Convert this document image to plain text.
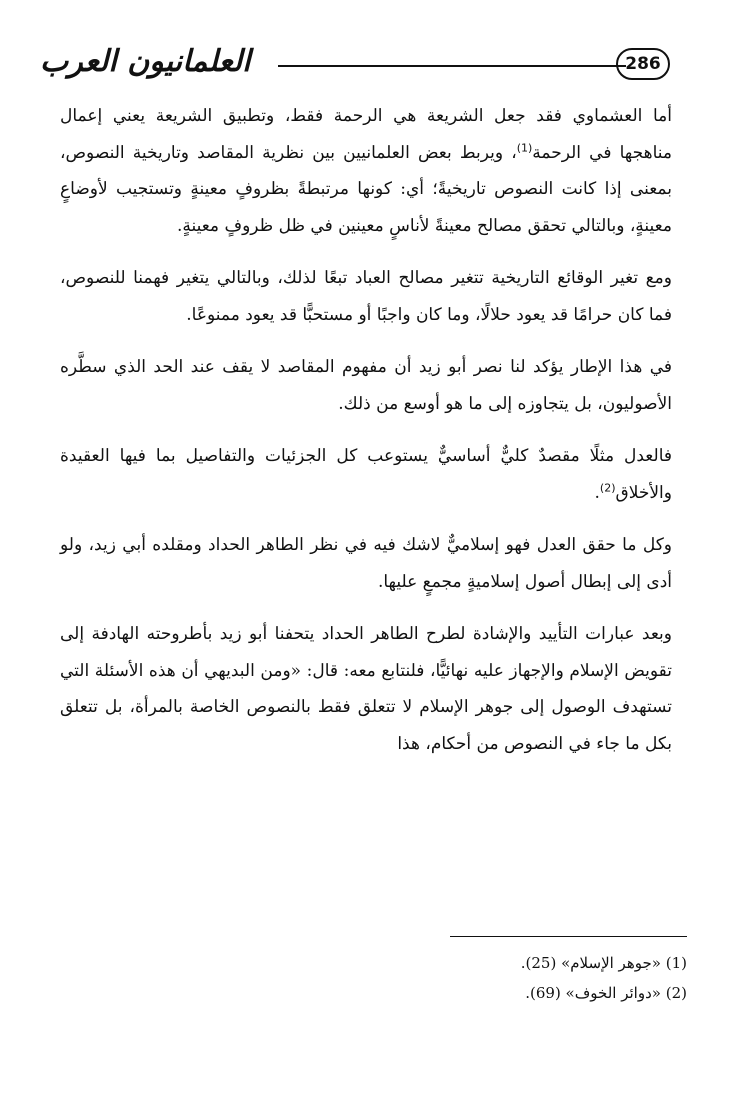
العلمانيون العرب	286

أما العشماوي فقد جعل الشريعة هي الرحمة فقط، وتطبيق الشريعة يعني إعمال مناهجها في الرحمة$^{(1)}$، ويربط بعض العلمانيين بين نظرية المقاصد وتاريخية النصوص، بمعنى إذا كانت النصوص تاريخيةً؛ أي: كونها مرتبطةً بظروفٍ معينةٍ وتستجيب لأوضاعٍ معينةٍ، وبالتالي تحقق مصالح معينةً لأناسٍ معينين في ظل ظروفٍ معينةٍ.

ومع تغير الوقائع التاريخية تتغير مصالح العباد تبعًا لذلك، وبالتالي يتغير فهمنا للنصوص، فما كان حرامًا قد يعود حلالًا، وما كان واجبًا أو مستحبًّا قد يعود ممنوعًا.

في هذا الإطار يؤكد لنا نصر أبو زيد أن مفهوم المقاصد لا يقف عند الحد الذي سطَّره الأصوليون، بل يتجاوزه إلى ما هو أوسع من ذلك.

فالعدل مثلًا مقصدٌ كليٌّ أساسيٌّ يستوعب كل الجزئيات والتفاصيل بما فيها العقيدة والأخلاق$^{(2)}$.

وكل ما حقق العدل فهو إسلاميٌّ لاشك فيه في نظر الطاهر الحداد ومقلده أبي زيد، ولو أدى إلى إبطال أصول إسلاميةٍ مجمعٍ عليها.

وبعد عبارات التأييد والإشادة لطرح الطاهر الحداد يتحفنا أبو زيد بأطروحته الهادفة إلى تقويض الإسلام والإجهاز عليه نهائيًّا، فلنتابع معه: قال: «ومن البديهي أن هذه الأسئلة التي تستهدف الوصول إلى جوهر الإسلام لا تتعلق فقط بالنصوص الخاصة بالمرأة، بل تتعلق بكل ما جاء في النصوص من أحكام، هذا

(1) «جوهر الإسلام» (25).
(2) «دوائر الخوف» (69).
